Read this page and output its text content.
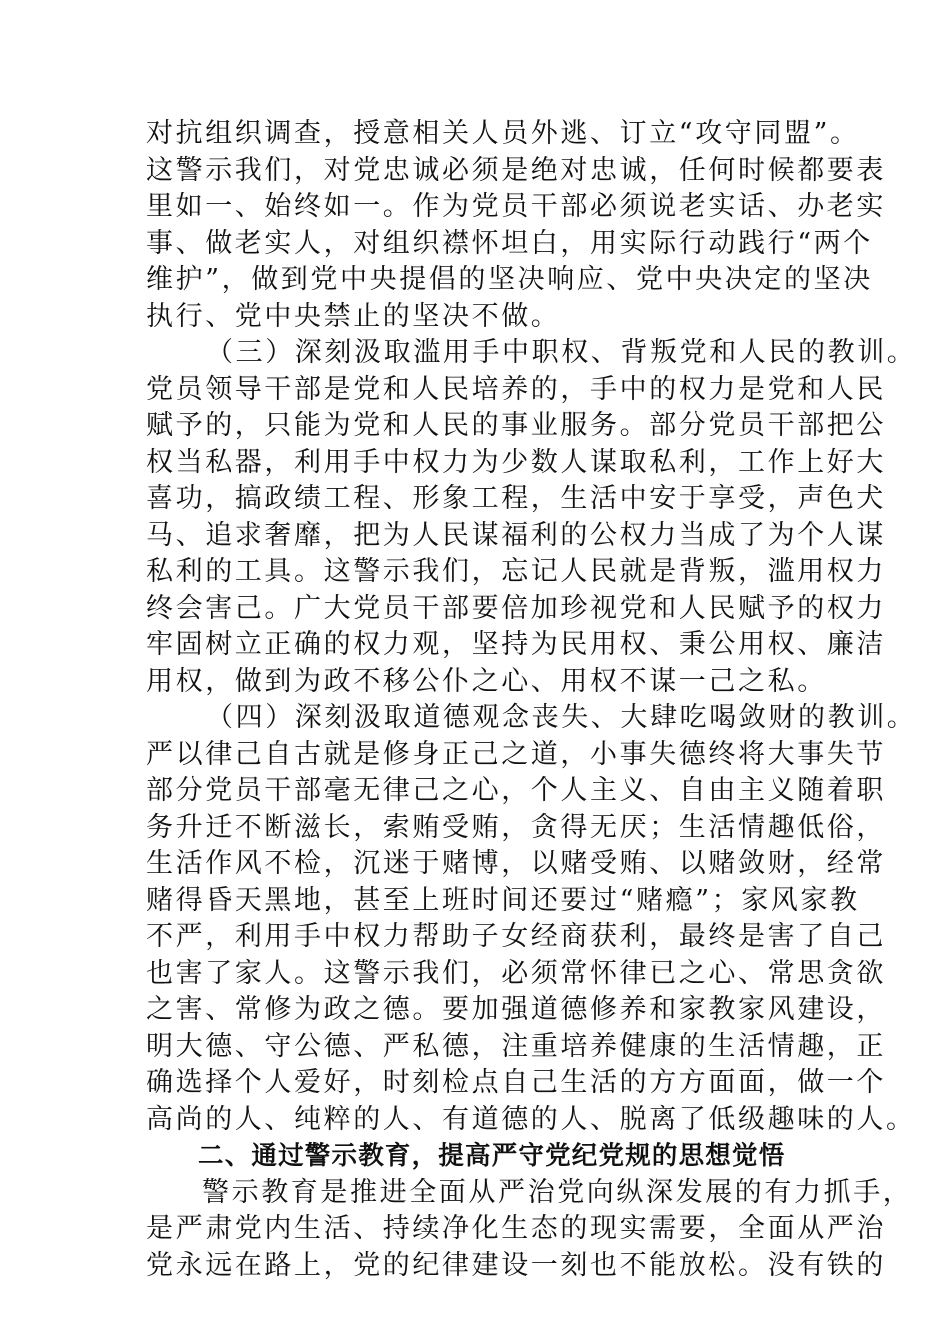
对抗组织调查，授意相关人员外逃、订立“攻守同盟”。
这警示我们，对党忠诚必须是绝对忠诚，任何时候都要表
里如一、始终如一。作为党员干部必须说老实话、办老实
事、做老实人，对组织襟怀坦白，用实际行动践行“两个
维护”，做到党中央提倡的坚决响应、党中央决定的坚决
执行、党中央禁止的坚决不做。
（三）深刻汲取滥用手中职权、背叛党和人民的教训。
党员领导干部是党和人民培养的，手中的权力是党和人民
赋予的，只能为党和人民的事业服务。部分党员干部把公
权当私器，利用手中权力为少数人谋取私利，工作上好大
喜功，搞政绩工程、形象工程，生活中安于享受，声色犬
马、追求奢靡，把为人民谋福利的公权力当成了为个人谋
私利的工具。这警示我们，忘记人民就是背叛，滥用权力
终会害己。广大党员干部要倍加珍视党和人民赋予的权力
牢固树立正确的权力观，坚持为民用权、秉公用权、廉洁
用权，做到为政不移公仆之心、用权不谋一己之私。
（四）深刻汲取道德观念丧失、大肆吃喝敛财的教训。
严以律己自古就是修身正己之道，小事失德终将大事失节
部分党员干部毫无律己之心，个人主义、自由主义随着职
务升迁不断滋长，索贿受贿，贪得无厌；生活情趣低俗，
生活作风不检，沉迷于赌博，以赌受贿、以赌敛财，经常
赌得昏天黑地，甚至上班时间还要过“赌瘾”；家风家教
不严，利用手中权力帮助子女经商获利，最终是害了自己
也害了家人。这警示我们，必须常怀律已之心、常思贪欲
之害、常修为政之德。要加强道德修养和家教家风建设，
明大德、守公德、严私德，注重培养健康的生活情趣，正
确选择个人爱好，时刻检点自己生活的方方面面，做一个
高尚的人、纯粹的人、有道德的人、脱离了低级趣味的人。
二、通过警示教育，提高严守党纪党规的思想觉悟
警示教育是推进全面从严治党向纵深发展的有力抓手，
是严肃党内生活、持续净化生态的现实需要，全面从严治
党永远在路上，党的纪律建设一刻也不能放松。没有铁的
